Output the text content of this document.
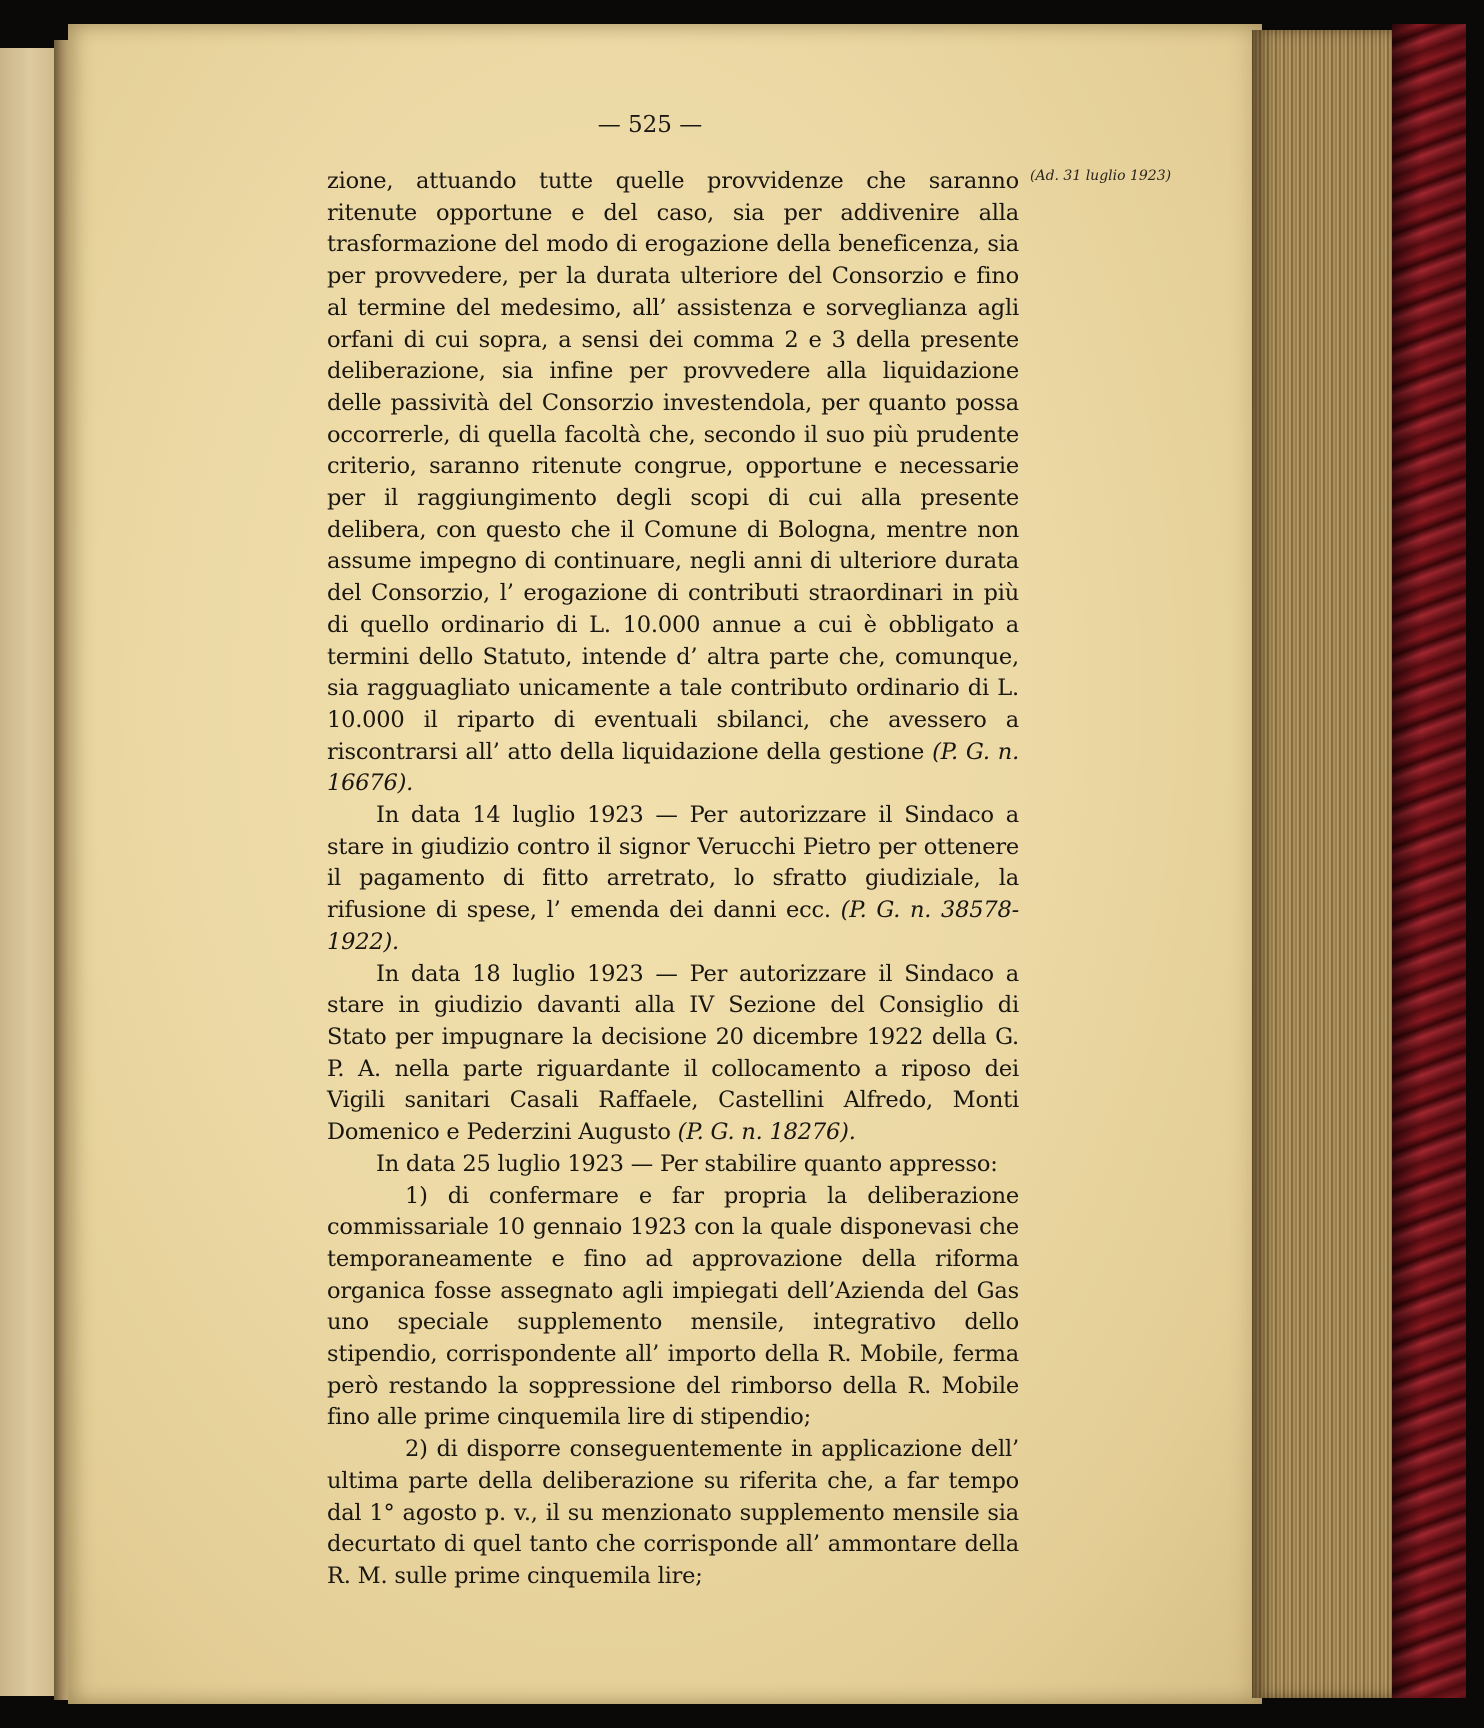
— 525 —

(Ad. 31 luglio 1923)

zione, attuando tutte quelle provvidenze che saranno ritenute opportune e del caso, sia per addivenire alla trasformazione del modo di erogazione della beneficenza, sia per provvedere, per la durata ulteriore del Consorzio e fino al termine del medesimo, all’ assistenza e sorveglianza agli orfani di cui sopra, a sensi dei comma 2 e 3 della presente deliberazione, sia infine per provvedere alla liquidazione delle passività del Consorzio investendola, per quanto possa occorrerle, di quella facoltà che, secondo il suo più prudente criterio, saranno ritenute congrue, opportune e necessarie per il raggiungimento degli scopi di cui alla presente delibera, con questo che il Comune di Bologna, mentre non assume impegno di continuare, negli anni di ulteriore durata del Consorzio, l’ erogazione di contributi straordinari in più di quello ordinario di L. 10.000 annue a cui è obbligato a termini dello Statuto, intende d’ altra parte che, comunque, sia ragguagliato unicamente a tale contributo ordinario di L. 10.000 il riparto di eventuali sbilanci, che avessero a riscontrarsi all’ atto della liquidazione della gestione (P. G. n. 16676).

In data 14 luglio 1923 — Per autorizzare il Sindaco a stare in giudizio contro il signor Verucchi Pietro per ottenere il pagamento di fitto arretrato, lo sfratto giudiziale, la rifusione di spese, l’ emenda dei danni ecc. (P. G. n. 38578-1922).

In data 18 luglio 1923 — Per autorizzare il Sindaco a stare in giudizio davanti alla IV Sezione del Consiglio di Stato per impugnare la decisione 20 dicembre 1922 della G. P. A. nella parte riguardante il collocamento a riposo dei Vigili sanitari Casali Raffaele, Castellini Alfredo, Monti Domenico e Pederzini Augusto (P. G. n. 18276).

In data 25 luglio 1923 — Per stabilire quanto appresso:

1) di confermare e far propria la deliberazione commissariale 10 gennaio 1923 con la quale disponevasi che temporaneamente e fino ad approvazione della riforma organica fosse assegnato agli impiegati dell’Azienda del Gas uno speciale supplemento mensile, integrativo dello stipendio, corrispondente all’ importo della R. Mobile, ferma però restando la soppressione del rimborso della R. Mobile fino alle prime cinquemila lire di stipendio;

2) di disporre conseguentemente in applicazione dell’ ultima parte della deliberazione su riferita che, a far tempo dal 1° agosto p. v., il su menzionato supplemento mensile sia decurtato di quel tanto che corrisponde all’ ammontare della R. M. sulle prime cinquemila lire;
